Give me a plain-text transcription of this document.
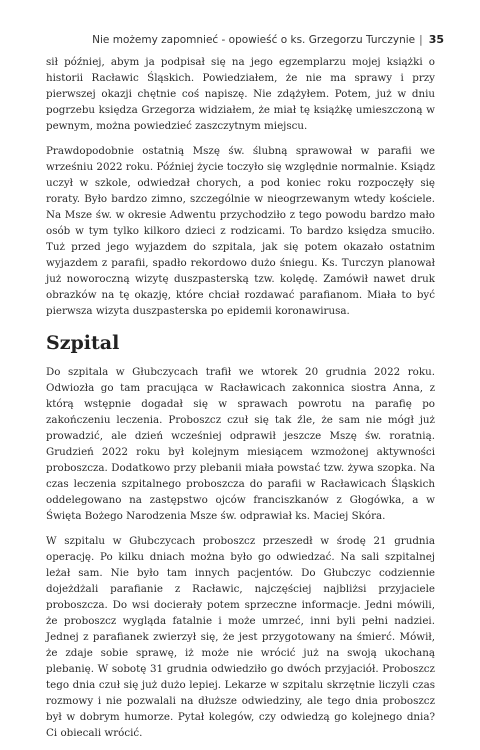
Nie możemy zapomnieć - opowieść o ks. Grzegorzu Turczynie | 35

sił później, abym ja podpisał się na jego egzemplarzu mojej książki o historii Racławic Śląskich. Powiedziałem, że nie ma sprawy i przy pierwszej okazji chętnie coś napiszę. Nie zdążyłem. Potem, już w dniu pogrzebu księdza Grzegorza widziałem, że miał tę książkę umieszczoną w pewnym, można powiedzieć zaszczytnym miejscu.

Prawdopodobnie ostatnią Mszę św. ślubną sprawował w parafii we wrześniu 2022 roku. Później życie toczyło się względnie normalnie. Ksiądz uczył w szkole, odwiedzał chorych, a pod koniec roku rozpoczęły się roraty. Było bardzo zimno, szczególnie w nieogrzewanym wtedy kościele. Na Msze św. w okresie Adwentu przychodziło z tego powodu bardzo mało osób w tym tylko kilkoro dzieci z rodzicami. To bardzo księdza smuciło. Tuż przed jego wyjazdem do szpitala, jak się potem okazało ostatnim wyjazdem z parafii, spadło rekordowo dużo śniegu. Ks. Turczyn planował już noworoczną wizytę duszpasterską tzw. kolędę. Zamówił nawet druk obrazków na tę okazję, które chciał rozdawać parafianom. Miała to być pierwsza wizyta duszpasterska po epidemii koronawirusa.

Szpital

Do szpitala w Głubczycach trafił we wtorek 20 grudnia 2022 roku. Odwiozła go tam pracująca w Racławicach zakonnica siostra Anna, z którą wstępnie dogadał się w sprawach powrotu na parafię po zakończeniu leczenia. Proboszcz czuł się tak źle, że sam nie mógł już prowadzić, ale dzień wcześniej odprawił jeszcze Mszę św. roratnią. Grudzień 2022 roku był kolejnym miesiącem wzmożonej aktywności proboszcza. Dodatkowo przy plebanii miała powstać tzw. żywa szopka. Na czas leczenia szpitalnego proboszcza do parafii w Racławicach Śląskich oddelegowano na zastępstwo ojców franciszkanów z Głogówka, a w Święta Bożego Narodzenia Msze św. odprawiał ks. Maciej Skóra.

W szpitalu w Głubczycach proboszcz przeszedł w środę 21 grudnia operację. Po kilku dniach można było go odwiedzać. Na sali szpitalnej leżał sam. Nie było tam innych pacjentów. Do Głubczyc codziennie dojeżdżali parafianie z Racławic, najczęściej najbliżsi przyjaciele proboszcza. Do wsi docierały potem sprzeczne informacje. Jedni mówili, że proboszcz wygląda fatalnie i może umrzeć, inni byli pełni nadziei. Jednej z parafianek zwierzył się, że jest przygotowany na śmierć. Mówił, że zdaje sobie sprawę, iż może nie wrócić już na swoją ukochaną plebanię. W sobotę 31 grudnia odwiedziło go dwóch przyjaciół. Proboszcz tego dnia czuł się już dużo lepiej. Lekarze w szpitalu skrzętnie liczyli czas rozmowy i nie pozwalali na dłuższe odwiedziny, ale tego dnia proboszcz był w dobrym humorze. Pytał kolegów, czy odwiedzą go kolejnego dnia? Ci obiecali wrócić.
